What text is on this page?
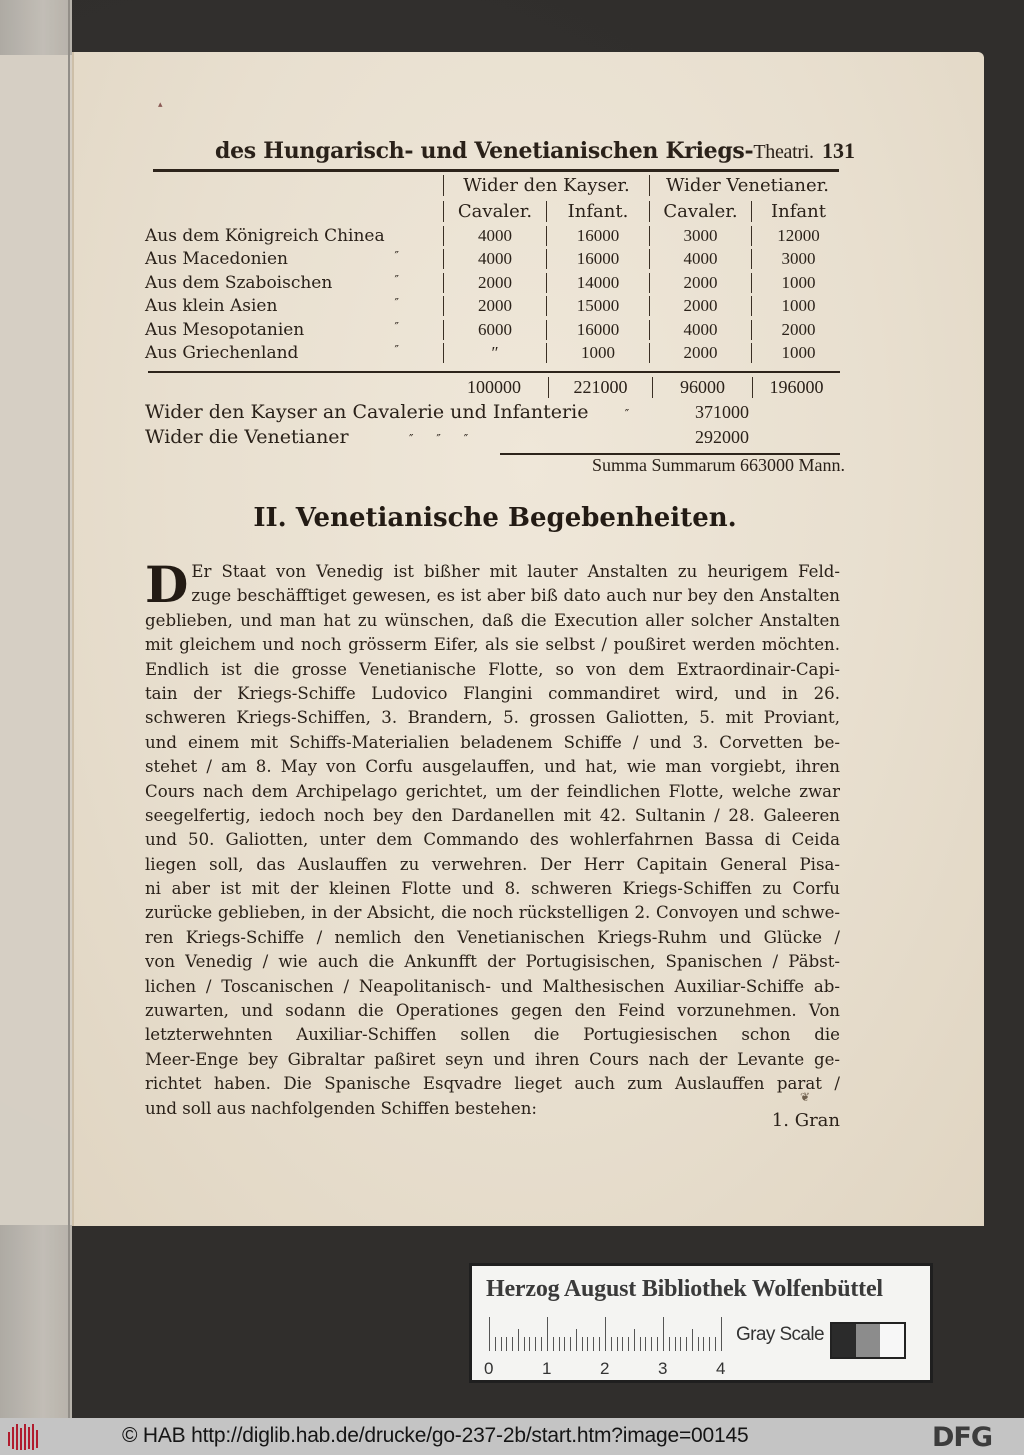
▴
des Hungarisch- und Venetianischen Kriegs-Theatri. 131
Wider den Kayser.	Wider Venetianer.
Cavaler.	Infant.	Cavaler.	Infant
Aus dem Königreich Chinea	4000	16000	3000	12000
Aus Macedonien	″	4000	16000	4000	3000
Aus dem Szaboischen	″	2000	14000	2000	1000
Aus klein Asien	″	2000	15000	2000	1000
Aus Mesopotanien	″	6000	16000	4000	2000
Aus Griechenland	″	″	1000	2000	1000
100000	221000	96000	196000
Wider den Kayser an Cavalerie und Infanterie	″	371000
Wider die Venetianer	″      ″      ″	292000
Summa Summarum 663000 Mann.
II. Venetianische Begebenheiten.
D Er Staat von Venedig ist bißher mit lauter Anstalten zu heurigem Feld-
zuge beschäfftiget gewesen, es ist aber biß dato auch nur bey den Anstalten
geblieben, und man hat zu wünschen, daß die Execution aller solcher Anstalten
mit gleichem und noch grösserm Eifer, als sie selbst / poußiret werden möchten.
Endlich ist die grosse Venetianische Flotte, so von dem Extraordinair-Capi-
tain der Kriegs-Schiffe Ludovico Flangini commandiret wird, und in 26.
schweren Kriegs-Schiffen, 3. Brandern, 5. grossen Galiotten, 5. mit Proviant,
und einem mit Schiffs-Materialien beladenem Schiffe / und 3. Corvetten be-
stehet / am 8. May von Corfu ausgelauffen, und hat, wie man vorgiebt, ihren
Cours nach dem Archipelago gerichtet, um der feindlichen Flotte, welche zwar
seegelfertig, iedoch noch bey den Dardanellen mit 42. Sultanin / 28. Galeeren
und 50. Galiotten, unter dem Commando des wohlerfahrnen Bassa di Ceida
liegen soll, das Auslauffen zu verwehren. Der Herr Capitain General Pisa-
ni aber ist mit der kleinen Flotte und 8. schweren Kriegs-Schiffen zu Corfu
zurücke geblieben, in der Absicht, die noch rückstelligen 2. Convoyen und schwe-
ren Kriegs-Schiffe / nemlich den Venetianischen Kriegs-Ruhm und Glücke /
von Venedig / wie auch die Ankunfft der Portugisischen, Spanischen / Päbst-
lichen / Toscanischen / Neapolitanisch- und Malthesischen Auxiliar-Schiffe ab-
zuwarten, und sodann die Operationes gegen den Feind vorzunehmen. Von
letzterwehnten Auxiliar-Schiffen sollen die Portugiesischen schon die
Meer-Enge bey Gibraltar paßiret seyn und ihren Cours nach der Levante ge-
richtet haben. Die Spanische Esqvadre lieget auch zum Auslauffen parat /
und soll aus nachfolgenden Schiffen bestehen:
❦
1. Gran
Herzog August Bibliothek Wolfenbüttel
0	1	2	3	4
Gray Scale
© HAB http://diglib.hab.de/drucke/go-237-2b/start.htm?image=00145	DFG
